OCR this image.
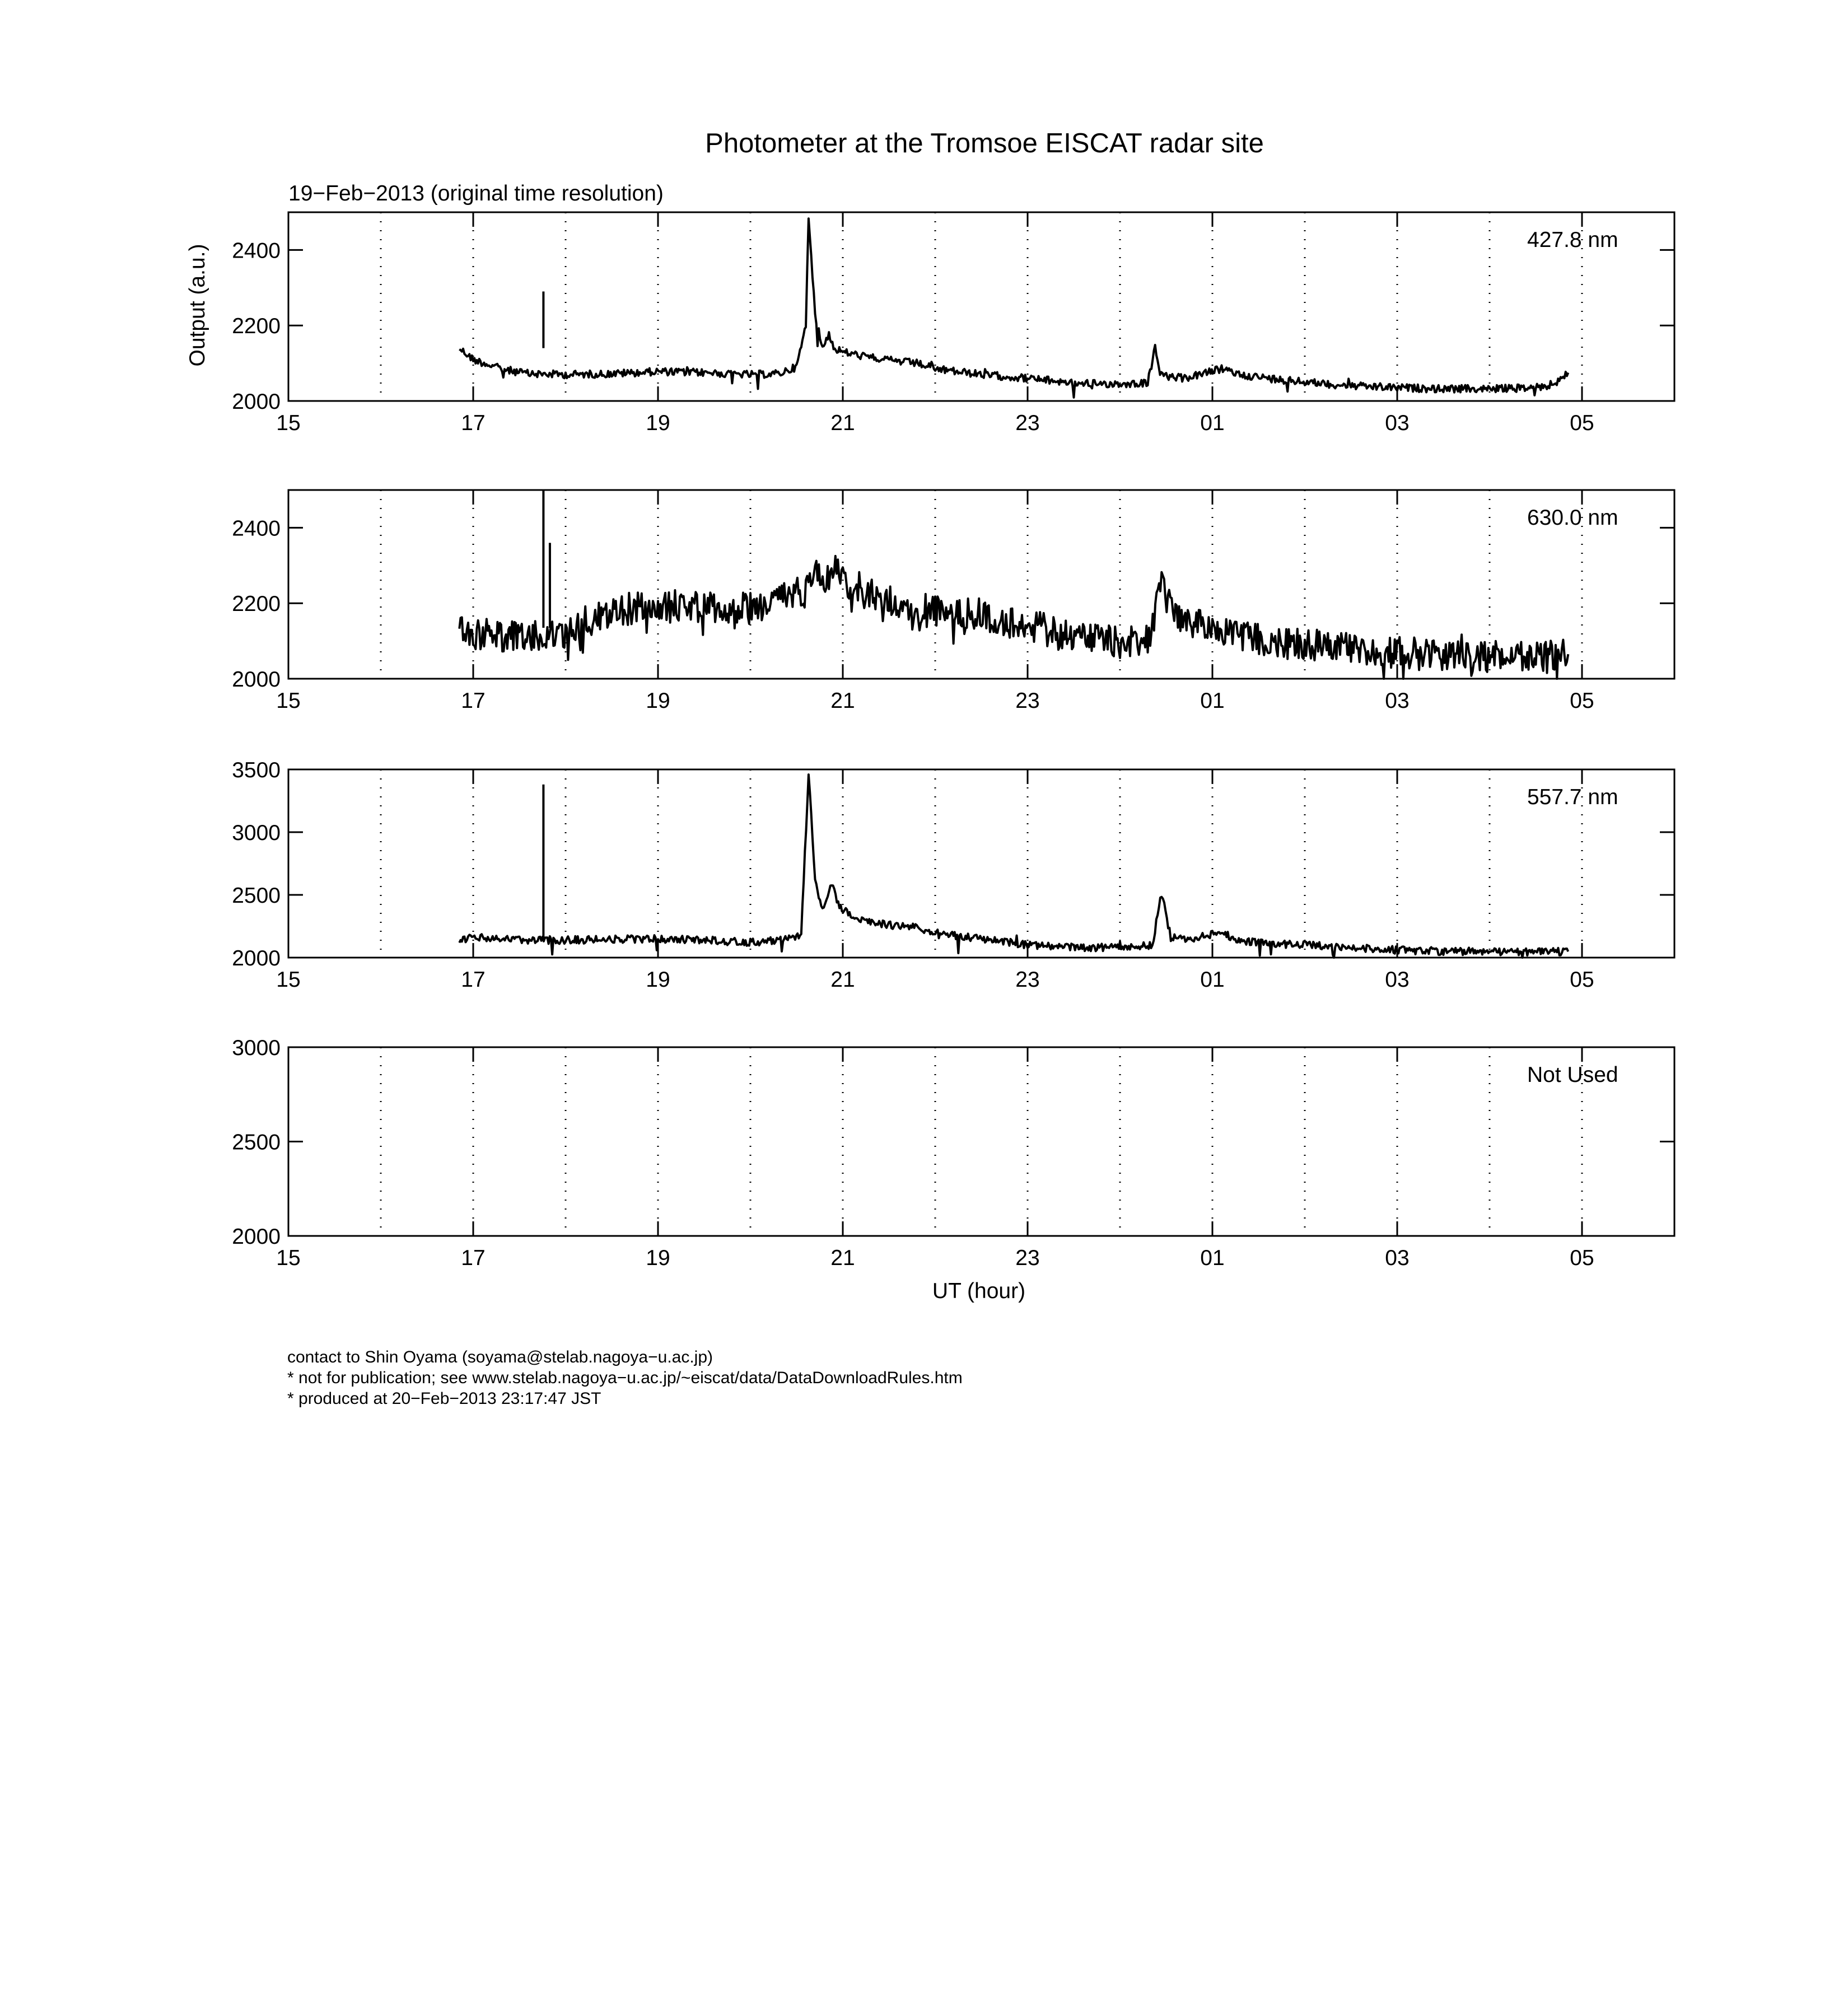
Photometer at the Tromsoe EISCAT radar site
19−Feb−2013 (original time resolution)
Output (a.u.)
UT (hour)
2000
2200
2400
15	17	19	21	23	01	03	05
427.8 nm
2000
2200
2400
15	17	19	21	23	01	03	05
630.0 nm
2000
2500
3000
3500
15	17	19	21	23	01	03	05
557.7 nm
2000
2500
3000
15	17	19	21	23	01	03	05
Not Used
contact to Shin Oyama (soyama@stelab.nagoya−u.ac.jp)
* not for publication; see www.stelab.nagoya−u.ac.jp/~eiscat/data/DataDownloadRules.htm
* produced at 20−Feb−2013 23:17:47 JST
